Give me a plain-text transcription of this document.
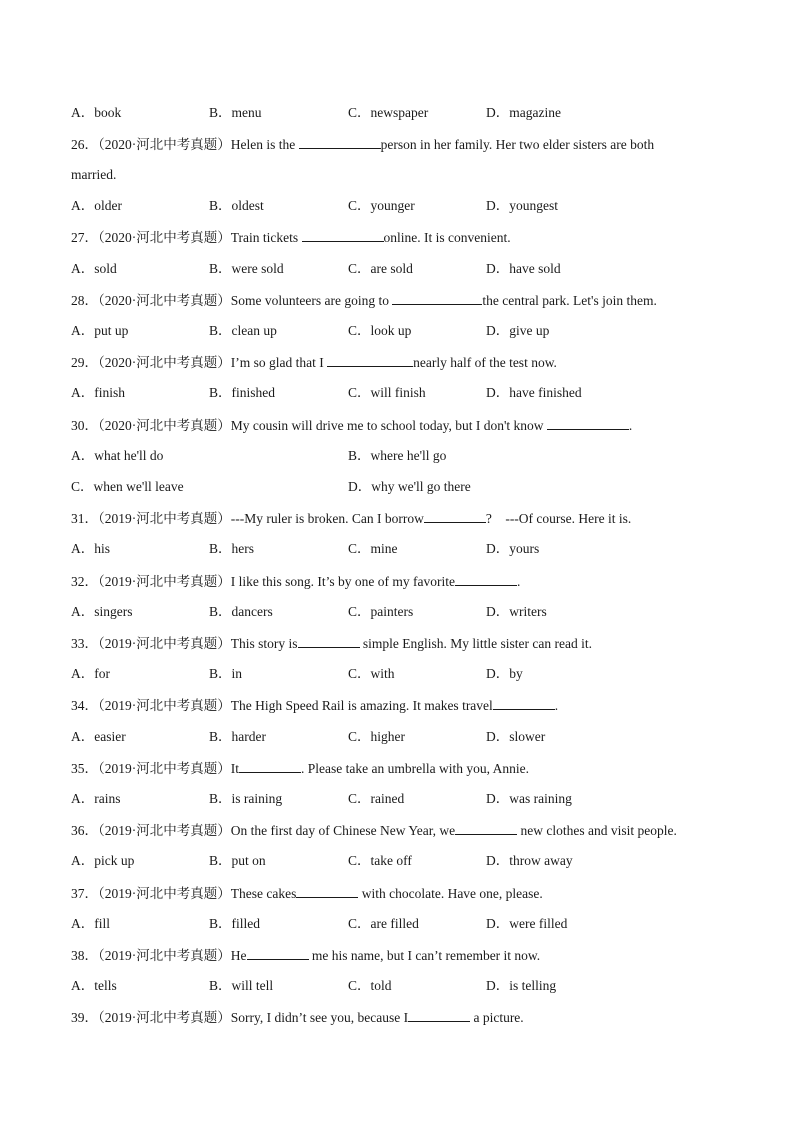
A．book	B．menu	C．newspaper	D．magazine
26．（2020·河北中考真题）Helen is the	person in her family. Her two elder sisters are both
married.
A．older	B．oldest	C．younger	D．youngest
27．（2020·河北中考真题）Train tickets	online. It is convenient.
A．sold	B．were sold	C．are sold	D．have sold
28．（2020·河北中考真题）Some volunteers are going to	the central park. Let's join them.
A．put up	B．clean up	C．look up	D．give up
29．（2020·河北中考真题）I’m so glad that I	nearly half of the test now.
A．finish	B．finished	C．will finish	D．have finished
30．（2020·河北中考真题）My cousin will drive me to school today, but I don't know	.
A．what he'll do	B．where he'll go
C．when we'll leave	D．why we'll go there
31．（2019·河北中考真题）---My ruler is broken. Can I borrow	?    ---Of course. Here it is.
A．his	B．hers	C．mine	D．yours
32．（2019·河北中考真题）I like this song. It’s by one of my favorite	.
A．singers	B．dancers	C．painters	D．writers
33．（2019·河北中考真题）This story is	simple English. My little sister can read it.
A．for	B．in	C．with	D．by
34．（2019·河北中考真题）The High Speed Rail is amazing. It makes travel	.
A．easier	B．harder	C．higher	D．slower
35．（2019·河北中考真题）It	. Please take an umbrella with you, Annie.
A．rains	B．is raining	C．rained	D．was raining
36．（2019·河北中考真题）On the first day of Chinese New Year, we	new clothes and visit people.
A．pick up	B．put on	C．take off	D．throw away
37．（2019·河北中考真题）These cakes	with chocolate. Have one, please.
A．fill	B．filled	C．are filled	D．were filled
38．（2019·河北中考真题）He	me his name, but I can’t remember it now.
A．tells	B．will tell	C．told	D．is telling
39．（2019·河北中考真题）Sorry, I didn’t see you, because I	a picture.
